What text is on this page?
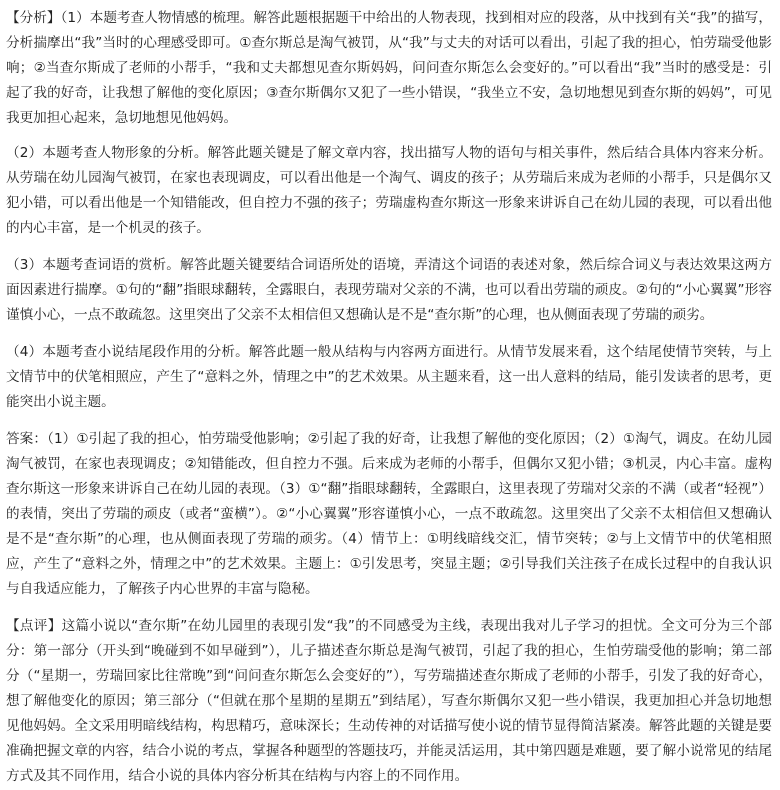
【分析】（1）本题考查人物情感的梳理。解答此题根据题干中给出的人物表现，找到相对应的段落，从中找到有关“我”的描写，分析揣摩出“我”当时的心理感受即可。①查尔斯总是淘气被罚，从“我”与丈夫的对话可以看出，引起了我的担心，怕劳瑞受他影响；②当查尔斯成了老师的小帮手，“我和丈夫都想见查尔斯妈妈，问问查尔斯怎么会变好的。”可以看出“我”当时的感受是：引起了我的好奇，让我想了解他的变化原因；③查尔斯偶尔又犯了一些小错误，“我坐立不安，急切地想见到查尔斯的妈妈”，可见我更加担心起来，急切地想见他妈妈。

（2）本题考查人物形象的分析。解答此题关键是了解文章内容，找出描写人物的语句与相关事件，然后结合具体内容来分析。从劳瑞在幼儿园淘气被罚，在家也表现调皮，可以看出他是一个淘气、调皮的孩子；从劳瑞后来成为老师的小帮手，只是偶尔又犯小错，可以看出他是一个知错能改，但自控力不强的孩子；劳瑞虚构查尔斯这一形象来讲诉自己在幼儿园的表现，可以看出他的内心丰富，是一个机灵的孩子。

（3）本题考查词语的赏析。解答此题关键要结合词语所处的语境，弄清这个词语的表述对象，然后综合词义与表达效果这两方面因素进行揣摩。①句的“翻”指眼球翻转，全露眼白，表现劳瑞对父亲的不满，也可以看出劳瑞的顽皮。②句的“小心翼翼”形容谨慎小心，一点不敢疏忽。这里突出了父亲不太相信但又想确认是不是“查尔斯”的心理，也从侧面表现了劳瑞的顽劣。

（4）本题考查小说结尾段作用的分析。解答此题一般从结构与内容两方面进行。从情节发展来看，这个结尾使情节突转，与上文情节中的伏笔相照应，产生了“意料之外，情理之中”的艺术效果。从主题来看，这一出人意料的结局，能引发读者的思考，更能突出小说主题。

答案：（1）①引起了我的担心，怕劳瑞受他影响；②引起了我的好奇，让我想了解他的变化原因；（2）①淘气，调皮。在幼儿园淘气被罚，在家也表现调皮；②知错能改，但自控力不强。后来成为老师的小帮手，但偶尔又犯小错；③机灵，内心丰富。虚构查尔斯这一形象来讲诉自己在幼儿园的表现。（3）①“翻”指眼球翻转，全露眼白，这里表现了劳瑞对父亲的不满（或者“轻视”）的表情，突出了劳瑞的顽皮（或者“蛮横”）。②“小心翼翼”形容谨慎小心，一点不敢疏忽。这里突出了父亲不太相信但又想确认是不是“查尔斯”的心理，也从侧面表现了劳瑞的顽劣。（4）情节上：①明线暗线交汇，情节突转；②与上文情节中的伏笔相照应，产生了“意料之外，情理之中”的艺术效果。主题上：①引发思考，突显主题；②引导我们关注孩子在成长过程中的自我认识与自我适应能力，了解孩子内心世界的丰富与隐秘。

【点评】这篇小说以“查尔斯”在幼儿园里的表现引发“我”的不同感受为主线，表现出我对儿子学习的担忧。全文可分为三个部分：第一部分（开头到“晚碰到不如早碰到”），儿子描述查尔斯总是淘气被罚，引起了我的担心，生怕劳瑞受他的影响；第二部分（“星期一，劳瑞回家比往常晚”到“问问查尔斯怎么会变好的”），写劳瑞描述查尔斯成了老师的小帮手，引发了我的好奇心，想了解他变化的原因；第三部分（“但就在那个星期的星期五”到结尾），写查尔斯偶尔又犯一些小错误，我更加担心并急切地想见他妈妈。全文采用明暗线结构，构思精巧，意味深长；生动传神的对话描写使小说的情节显得简洁紧凑。解答此题的关键是要准确把握文章的内容，结合小说的考点，掌握各种题型的答题技巧，并能灵活运用，其中第四题是难题，要了解小说常见的结尾方式及其不同作用，结合小说的具体内容分析其在结构与内容上的不同作用。
